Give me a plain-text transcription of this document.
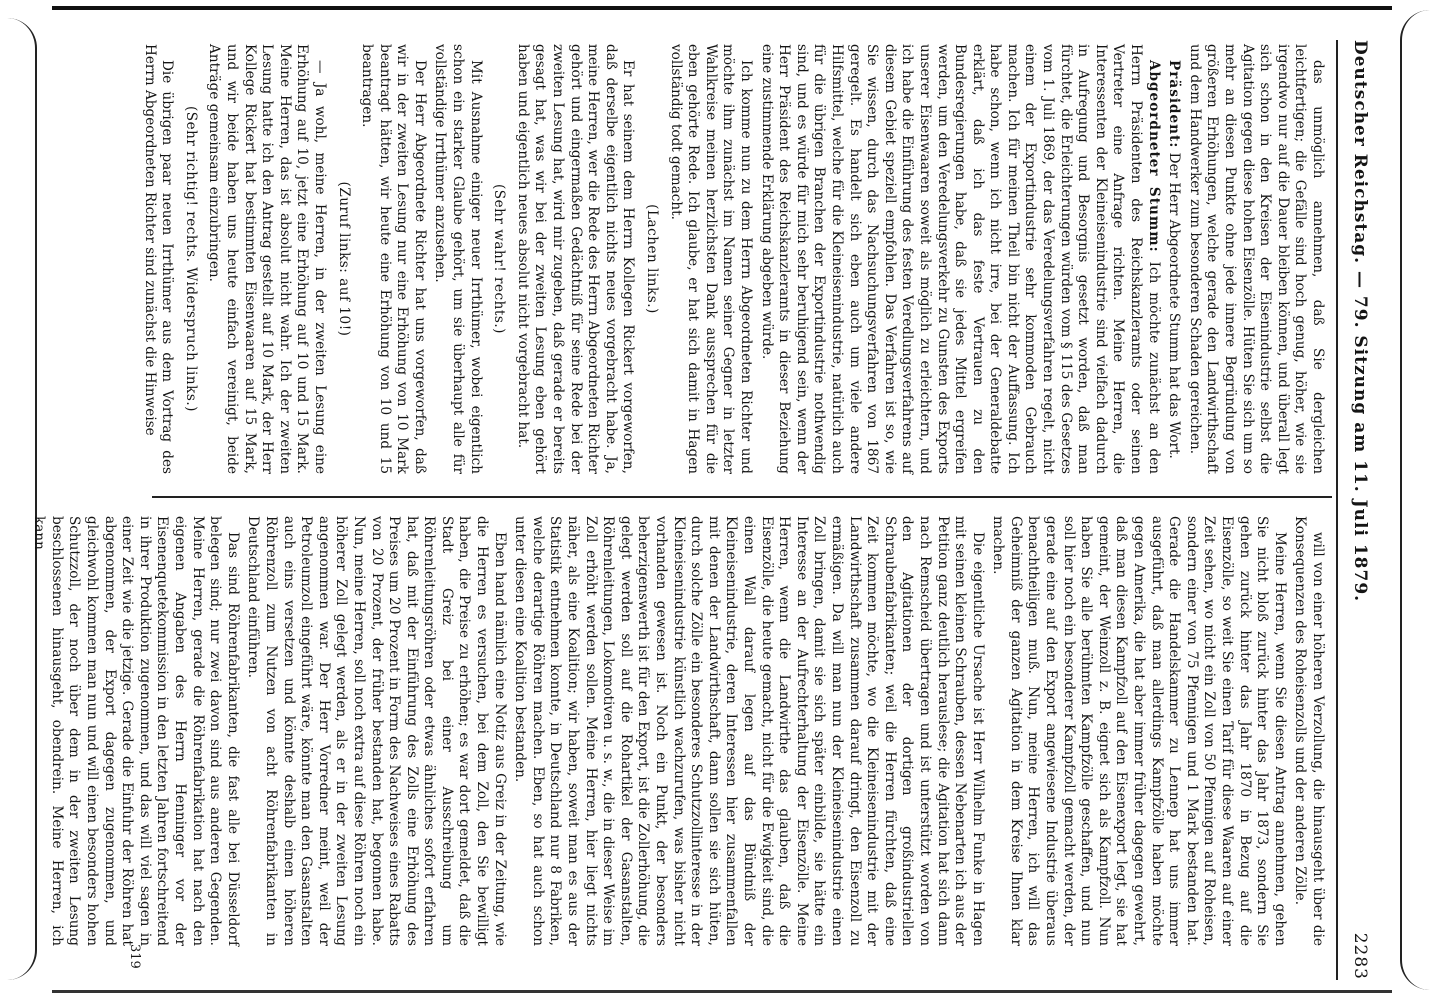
Deutscher Reichstag. — 79. Sitzung am 11. Juli 1879.
2283

das unmöglich annehmen, daß Sie dergleichen leichtfertigen; die Gefälle sind hoch genug, höher, wie sie irgendwo nur auf die Dauer bleiben können, und überall legt sich schon in den Kreisen der Eisenindustrie selbst die Agitation gegen diese hohen Eisenzölle. Hüten Sie sich um so mehr an diesen Punkte ohne jede innere Begründung von größeren Erhöhungen, welche gerade den Landwirthschaft und dem Handwerker zum besonderen Schaden gereichen.

Präsident: Der Herr Abgeordnete Stumm hat das Wort.

Abgeordneter Stumm: Ich möchte zunächst an den Herrn Präsidenten des Reichskanzleramts oder seinen Vertreter eine Anfrage richten. Meine Herren, die Interessenten der Kleineisenindustrie sind vielfach dadurch in Aufregung und Besorgnis gesetzt worden, daß man fürchtet, die Erleichterungen würden vom § 115 des Gesetzes vom 1. Juli 1869, der das Veredelungsverfahren regelt, nicht einem der Exportindustrie sehr kommoden Gebrauch machen. Ich für meinen Theil bin nicht der Auffassung. Ich habe schon, wenn ich nicht irre, bei der Generaldebatte erklärt, daß ich das feste Vertrauen zu den Bundesregierungen habe, daß sie jedes Mittel ergreifen werden, um den Veredelungsverkehr zu Gunsten des Exports unserer Eisenwaaren soweit als möglich zu erleichtern, und ich habe die Einführung des festen Veredlungsverfahrens auf diesem Gebiet speziell empfohlen. Das Verfahren ist so, wie Sie wissen, durch das Nachsuchungsverfahren von 1867 geregelt. Es handelt sich eben auch um viele andere Hilfsmittel, welche für die Kleineisenindustrie, natürlich auch für die übrigen Branchen der Exportindustrie nothwendig sind, und es würde für mich sehr beruhigend sein, wenn der Herr Präsident des Reichskanzleramts in dieser Beziehung eine zustimmende Erklärung abgeben würde.

Ich komme nun zu dem Herrn Abgeordneten Richter und möchte ihm zunächst im Namen seiner Gegner in letzter Wahlkreise meinen herzlichsten Dank aussprechen für die eben gehörte Rede. Ich glaube, er hat sich damit in Hagen vollständig todt gemacht.

(Lachen links.)

Er hat seinem dem Herrn Kollegen Rickert vorgeworfen, daß derselbe eigentlich nichts neues vorgebracht habe. Ja, meine Herren, wer die Rede des Herrn Abgeordneten Richter gehört und eingermaßen Gedächtniß für seine Rede bei der zweiten Lesung hat, wird mir zugeben, daß gerade er bereits gesagt hat, was wir bei der zweiten Lesung eben gehört haben und eigentlich neues absolut nicht vorgebracht hat.

(Sehr wahr! rechts.)

Mit Ausnahme einiger neuer Irrthümer, wobei eigentlich schon ein starker Glaube gehört, um sie überhaupt alle für vollständige Irrthümer anzusehen.

Der Herr Abgeordnete Richter hat uns vorgeworfen, daß wir in der zweiten Lesung nur eine Erhöhung von 10 Mark beantragt hätten, wir heute eine Erhöhung von 10 und 15 beantragen.

(Zuruf links: auf 10!)

— Ja wohl, meine Herren, in der zweiten Lesung eine Erhöhung auf 10, jetzt eine Erhöhung auf 10 und 15 Mark. Meine Herren, das ist absolut nicht wahr. Ich der zweiten Lesung hatte ich den Antrag gestellt auf 10 Mark, der Herr Kollege Rickert hat bestimmten Eisenwaaren auf 15 Mark, und wir beide haben uns heute einfach vereinigt, beide Anträge gemeinsam einzubringen.

(Sehr richtig! rechts. Widerspruch links.)

Die übrigen paar neuen Irrthümer aus dem Vortrag des Herrn Abgeordneten Richter sind zunächst die Hinweise

will von einer höheren Verzollung, die hinausgeht über die Konsequenzen des Roheisenzolls und der anderen Zölle.

Meine Herren, wenn Sie diesen Antrag annehmen, gehen Sie nicht bloß zurück hinter das Jahr 1873, sondern Sie gehen zurück hinter das Jahr 1870 in Bezug auf die Eisenzölle, so weit Sie einen Tarif für diese Waaren auf einer Zeit sehen, wo nicht ein Zoll von 50 Pfennigen auf Roheisen, sondern einer von 75 Pfennigen und 1 Mark bestanden hat. Gerade die Handelskammer zu Lennep hat uns immer ausgeführt, daß man allerdings Kampfzölle haben möchte gegen Amerika, die hat aber immer früher dagegen gewehrt, daß man diesen Kampfzoll auf den Eisenexport legt, sie hat gemeint, der Weinzoll z. B. eignet sich als Kampfzoll. Nun haben Sie alle berühmten Kampfzölle geschaffen, und nun soll hier noch ein besonderer Kampfzoll gemacht werden, der gerade eine auf den Export angewiesene Industrie überaus benachtheiligen muß. Nun, meine Herren, ich will das Geheimniß der ganzen Agitation in dem Kreise Ihnen klar machen.

Die eigentliche Ursache ist Herr Wilhelm Funke in Hagen mit seinen kleinen Schrauben, dessen Nebenarten ich aus der Petition ganz deutlich herauslese; die Agitation hat sich dann nach Remscheid übertragen und ist unterstützt worden von den Agitationen der dortigen großindustriellen Schraubenfabrikanten; weil die Herren fürchten, daß eine Zeit kommen möchte, wo die Kleineisenindustrie mit der Landwirthschaft zusammen darauf dringt, den Eisenzoll zu ermäßigen. Da will man nun der Kleineisenindustrie einen Zoll bringen, damit sie sich später einbilde, sie hätte ein Interesse an der Aufrechterhaltung der Eisenzölle. Meine Herren, wenn die Landwirthe das glauben, daß die Eisenzölle, die heute gemacht, nicht für die Ewigkeit sind, die einen Wall darauf legen auf das Bündniß der Kleineisenindustrie, deren Interessen hier zusammenfallen mit denen der Landwirthschaft, dann sollen sie sich hüten, durch solche Zölle ein besonderes Schutzzollinteresse in der Kleineisenindustrie künstlich wachzurufen, was bisher nicht vorhanden gewesen ist. Noch ein Punkt, der besonders beherzigenswerth ist für den Export, ist die Zollerhöhung, die gelegt werden soll auf die Rohartikel der Gasanstalten, Röhrenleitungen, Lokomotiven u. s. w., die in dieser Weise im Zoll erhöht werden sollen. Meine Herren, hier liegt nichts näher, als eine Koalition; wir haben, soweit man es aus der Statistik entnehmen konnte, in Deutschland nur 8 Fabriken, welche derartige Röhren machen. Eben, so hat auch schon unter diesen eine Koalition bestanden.

Eben hand nämlich eine Notiz aus Greiz in der Zeitung, wie die Herren es versuchen, bei dem Zoll, den Sie bewilligt haben, die Preise zu erhöhen; es war dort gemeldet, daß die Stadt Greiz bei einer Ausschreibung um Röhrenleitungsröhren oder etwas ähnliches sofort erfahren hat, daß mit der Einführung des Zolls eine Erhöhung des Preises um 20 Prozent in Form des Nachweises eines Rabatts von 20 Prozent, der früher bestanden hat, begonnen habe. Nun, meine Herren, soll noch extra auf diese Röhren noch ein höherer Zoll gelegt werden, als er in der zweiten Lesung angenommen war. Der Herr Vorredner meint, weil der Petroleumzoll eingeführt wäre, könnte man den Gasanstalten auch eins versetzen und könnte deshalb einen höheren Röhrenzoll zum Nutzen von acht Röhrenfabrikanten in Deutschland einführen.

Das sind Röhrenfabrikanten, die fast alle bei Düsseldorf belegen sind; nur zwei davon sind aus anderen Gegenden. Meine Herren, gerade die Röhrenfabrikation hat nach den eigenen Angaben des Herrn Henninger vor der Eisenenquetekommission in den letzten Jahren fortschreitend in ihrer Produktion zugenommen, und das will viel sagen in einer Zeit wie die jetzige. Gerade die Einfuhr der Röhren hat abgenommen, der Export dagegen zugenommen, und gleichwohl kommen man nun und will einen besonders hohen Schutzzoll, der noch über dem in der zweiten Lesung beschlossenen hinausgeht, obendrein. Meine Herren, ich kann

319
